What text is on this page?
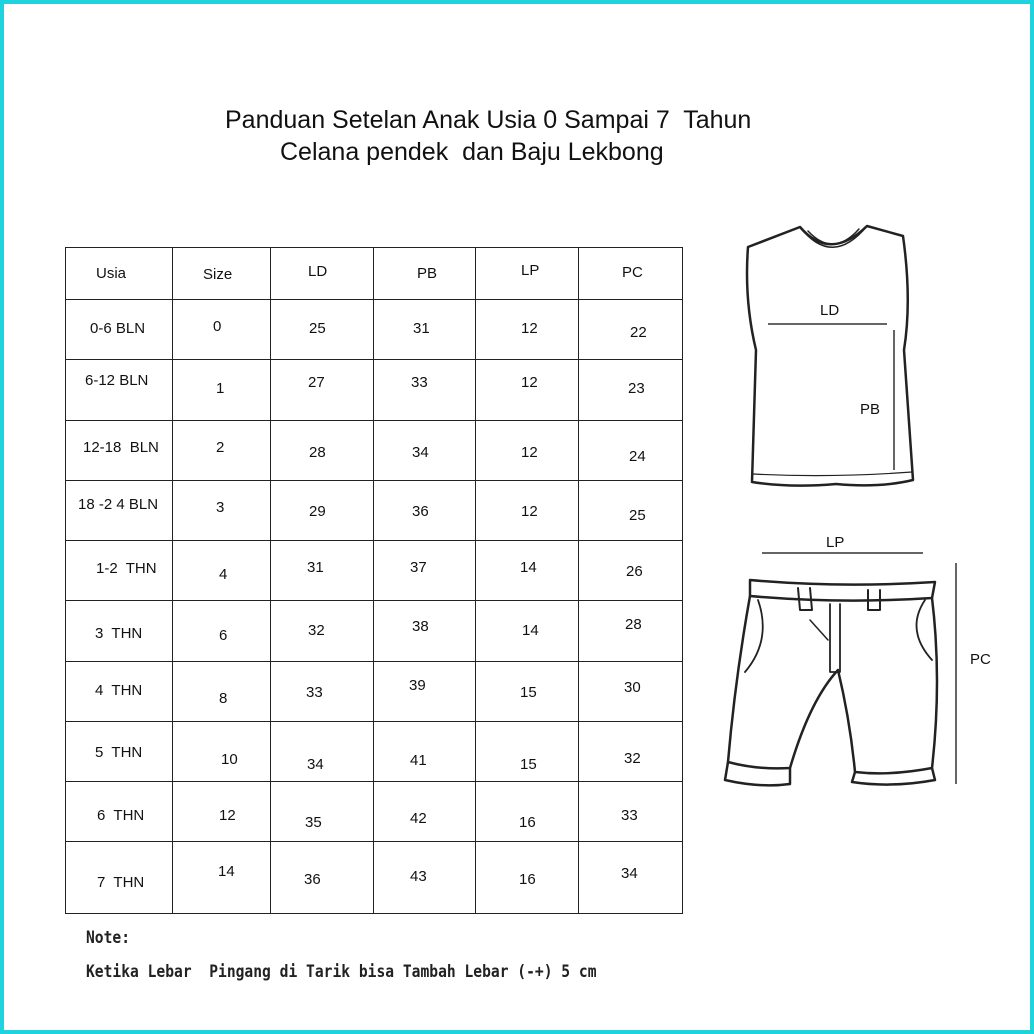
Panduan Setelan Anak Usia 0 Sampai 7  Tahun
Celana pendek  dan Baju Lekbong
Usia	Size	LD	PB	LP	PC

0-6 BLN	0	25	31	12	22

6-12 BLN	1	27	33	12	23

12-18  BLN	2	28	34	12	24

18 -2 4 BLN	3	29	36	12	25

1-2  THN	4	31	37	14	26

3  THN	6	32	38	14	28

4  THN	8	33	39	15	30

5  THN	10	34	41	15	32

6  THN	12	35	42	16	33

7  THN	14	36	43	16	34
LD
PB
LP
PC
Note:
Ketika Lebar  Pingang di Tarik bisa Tambah Lebar (-+) 5 cm
